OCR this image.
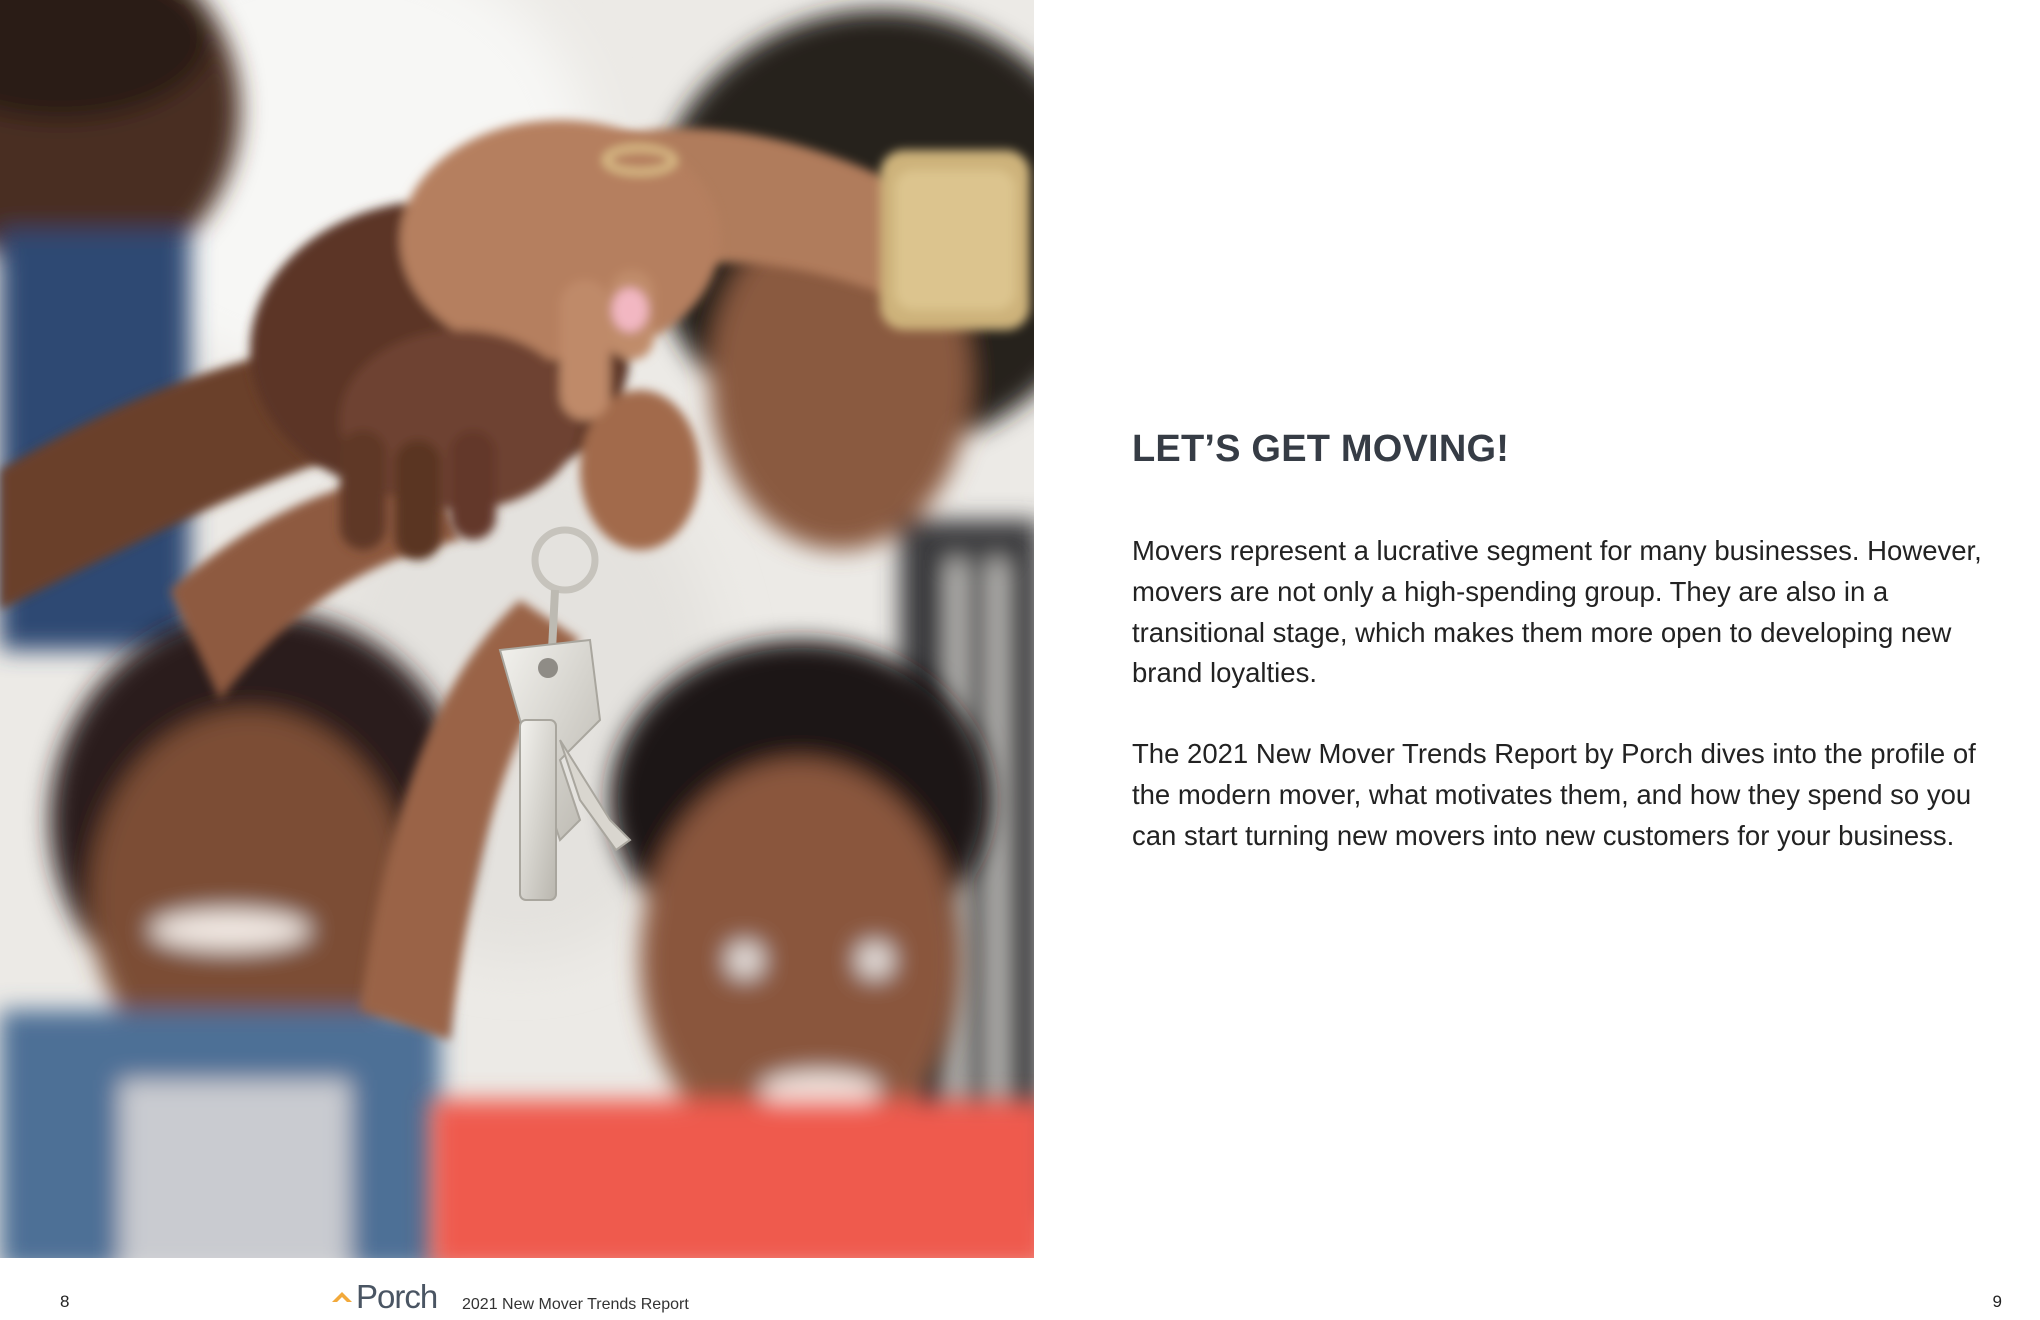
LET’S GET MOVING!

Movers represent a lucrative segment for many businesses. However, movers are not only a high-spending group. They are also in a transitional stage, which makes them more open to developing new brand loyalties.

The 2021 New Mover Trends Report by Porch dives into the profile of the modern mover, what motivates them, and how they spend so you can start turning new movers into new customers for your business.

8	Porch 2021 New Mover Trends Report	9
